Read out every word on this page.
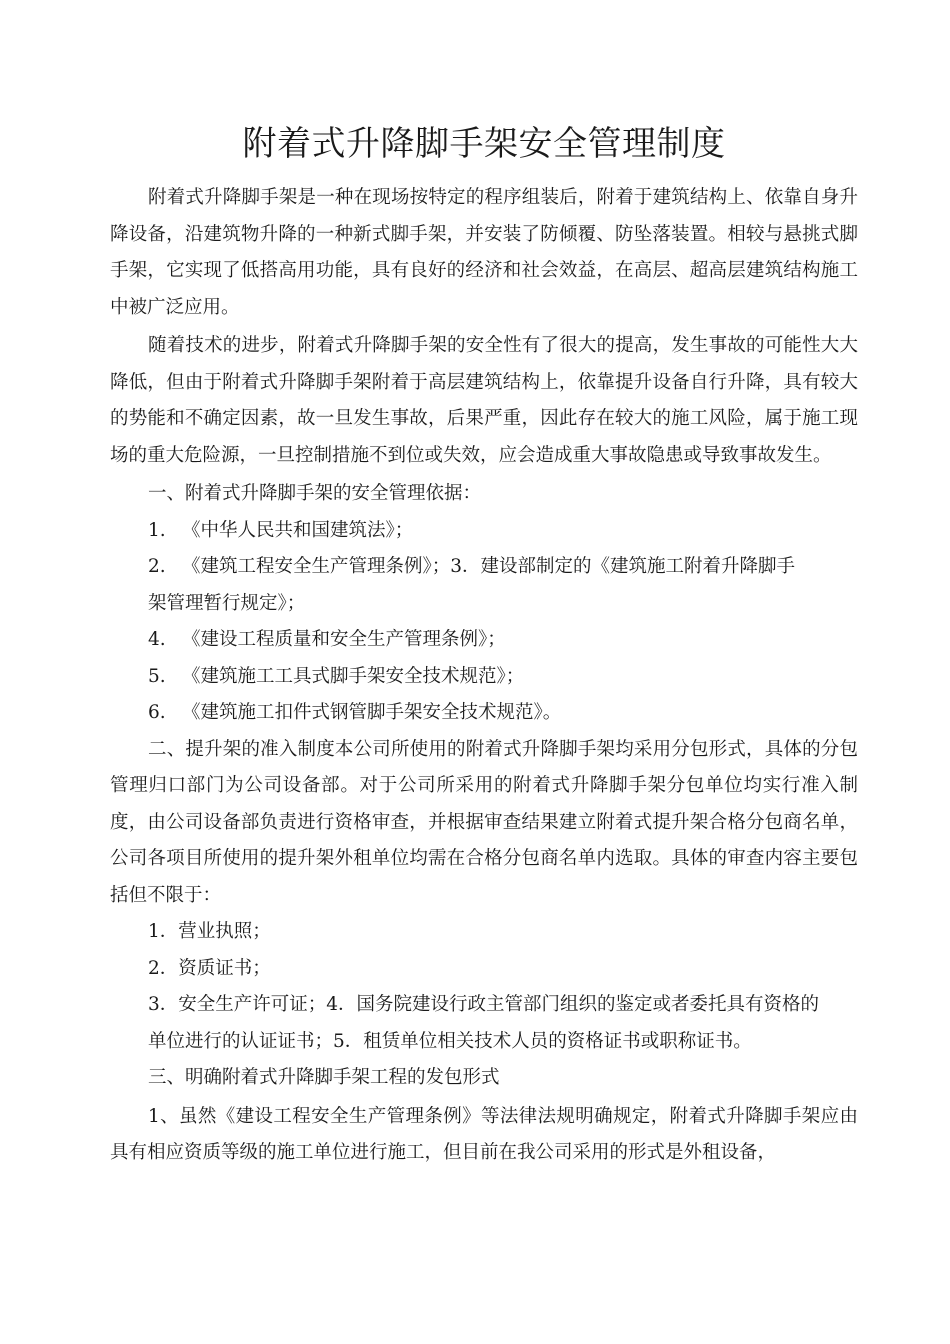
附着式升降脚手架安全管理制度

附着式升降脚手架是一种在现场按特定的程序组装后，附着于建筑结构上、依靠自身升降设备，沿建筑物升降的一种新式脚手架，并安装了防倾覆、防坠落装置。相较与悬挑式脚手架，它实现了低搭高用功能，具有良好的经济和社会效益，在高层、超高层建筑结构施工中被广泛应用。

随着技术的进步，附着式升降脚手架的安全性有了很大的提高，发生事故的可能性大大降低，但由于附着式升降脚手架附着于高层建筑结构上，依靠提升设备自行升降，具有较大的势能和不确定因素，故一旦发生事故，后果严重，因此存在较大的施工风险，属于施工现场的重大危险源，一旦控制措施不到位或失效，应会造成重大事故隐患或导致事故发生。

一、附着式升降脚手架的安全管理依据：

1. 《中华人民共和国建筑法》；

2. 《建筑工程安全生产管理条例》；3．建设部制定的《建筑施工附着升降脚手
架管理暂行规定》；

4. 《建设工程质量和安全生产管理条例》；

5. 《建筑施工工具式脚手架安全技术规范》；

6. 《建筑施工扣件式钢管脚手架安全技术规范》。

二、提升架的准入制度本公司所使用的附着式升降脚手架均采用分包形式，具体的分包管理归口部门为公司设备部。对于公司所采用的附着式升降脚手架分包单位均实行准入制度，由公司设备部负责进行资格审查，并根据审查结果建立附着式提升架合格分包商名单，公司各项目所使用的提升架外租单位均需在合格分包商名单内选取。具体的审查内容主要包括但不限于：

1．营业执照；

2．资质证书；

3．安全生产许可证；4．国务院建设行政主管部门组织的鉴定或者委托具有资格的
单位进行的认证证书；5．租赁单位相关技术人员的资格证书或职称证书。

三、明确附着式升降脚手架工程的发包形式

1、虽然《建设工程安全生产管理条例》等法律法规明确规定，附着式升降脚手架应由具有相应资质等级的施工单位进行施工，但目前在我公司采用的形式是外租设备，
